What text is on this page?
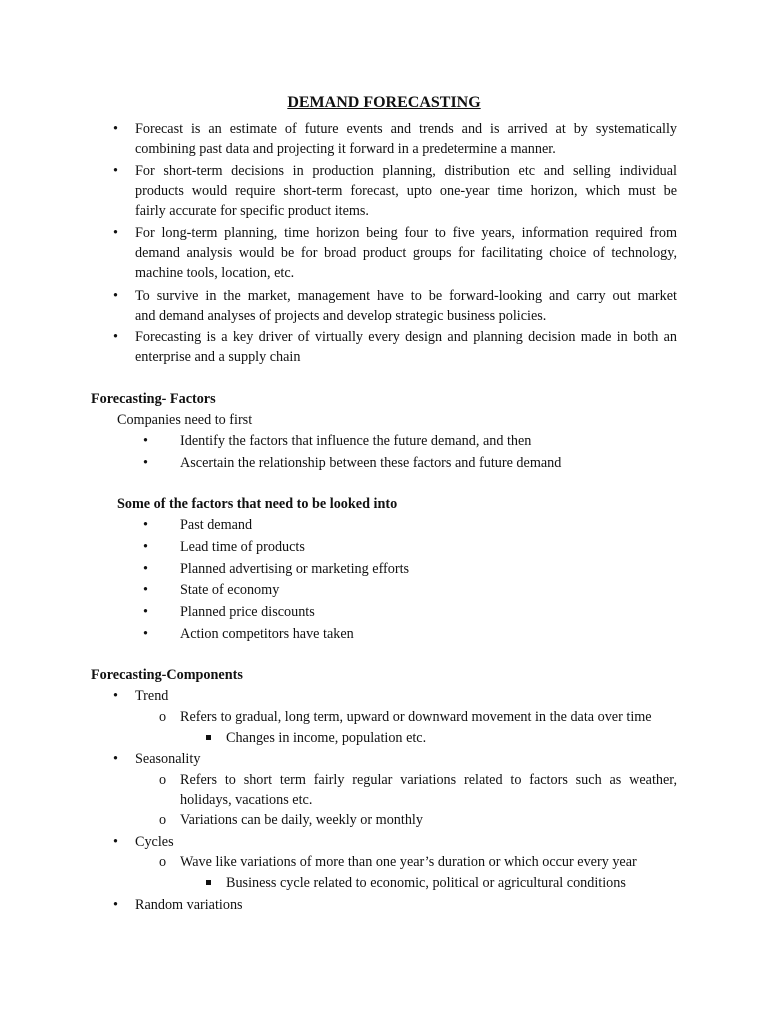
DEMAND FORECASTING
• Forecast is an estimate of future events and trends and is arrived at by systematically
combining past data and projecting it forward in a predetermine a manner.
• For short-term decisions in production planning, distribution etc and selling individual
products would require short-term forecast, upto one-year time horizon, which must be
fairly accurate for specific product items.
• For long-term planning, time horizon being four to five years, information required from
demand analysis would be for broad product groups for facilitating choice of technology,
machine tools, location, etc.
• To survive in the market, management have to be forward-looking and carry out market
and demand analyses of projects and develop strategic business policies.
• Forecasting is a key driver of virtually every design and planning decision made in both an
enterprise and a supply chain
Forecasting- Factors
Companies need to first
• Identify the factors that influence the future demand, and then
• Ascertain the relationship between these factors and future demand
Some of the factors that need to be looked into
• Past demand
• Lead time of products
• Planned advertising or marketing efforts
• State of economy
• Planned price discounts
• Action competitors have taken
Forecasting-Components
• Trend
o Refers to gradual, long term, upward or downward movement in the data over time
Changes in income, population etc.
• Seasonality
o Refers to short term fairly regular variations related to factors such as weather,
holidays, vacations etc.
o Variations can be daily, weekly or monthly
• Cycles
o Wave like variations of more than one year’s duration or which occur every year
Business cycle related to economic, political or agricultural conditions
• Random variations
